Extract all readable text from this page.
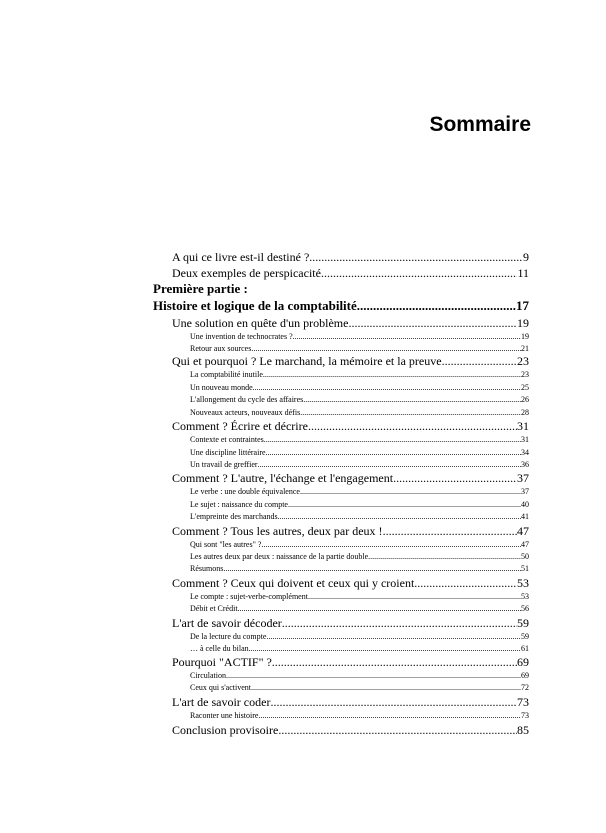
Sommaire
A qui ce livre est-il destiné ? .....	9
Deux exemples de perspicacité .....	11
Première partie :
Histoire et logique de la comptabilité .....	17
Une solution en quête d'un problème .....	19
Une invention de technocrates ? .....	19
Retour aux sources .....	21
Qui et pourquoi ? Le marchand, la mémoire et la preuve .....	23
La comptabilité inutile .....	23
Un nouveau monde .....	25
L'allongement du cycle des affaires .....	26
Nouveaux acteurs, nouveaux défis .....	28
Comment ? Écrire et décrire .....	31
Contexte et contraintes .....	31
Une discipline littéraire .....	34
Un travail de greffier .....	36
Comment ? L'autre, l'échange et l'engagement .....	37
Le verbe : une double équivalence .....	37
Le sujet : naissance du compte .....	40
L'empreinte des marchands .....	41
Comment ? Tous les autres, deux par deux ! .....	47
Qui sont "les autres" ? .....	47
Les autres deux par deux : naissance de la partie double .....	50
Résumons .....	51
Comment ? Ceux qui doivent et ceux qui y croient .....	53
Le compte : sujet-verbe-complément .....	53
Débit et Crédit .....	56
L'art de savoir décoder .....	59
De la lecture du compte .....	59
… à celle du bilan .....	61
Pourquoi "ACTIF" ? .....	69
Circulation .....	69
Ceux qui s'activent .....	72
L'art de savoir coder .....	73
Raconter une histoire .....	73
Conclusion provisoire .....	85
